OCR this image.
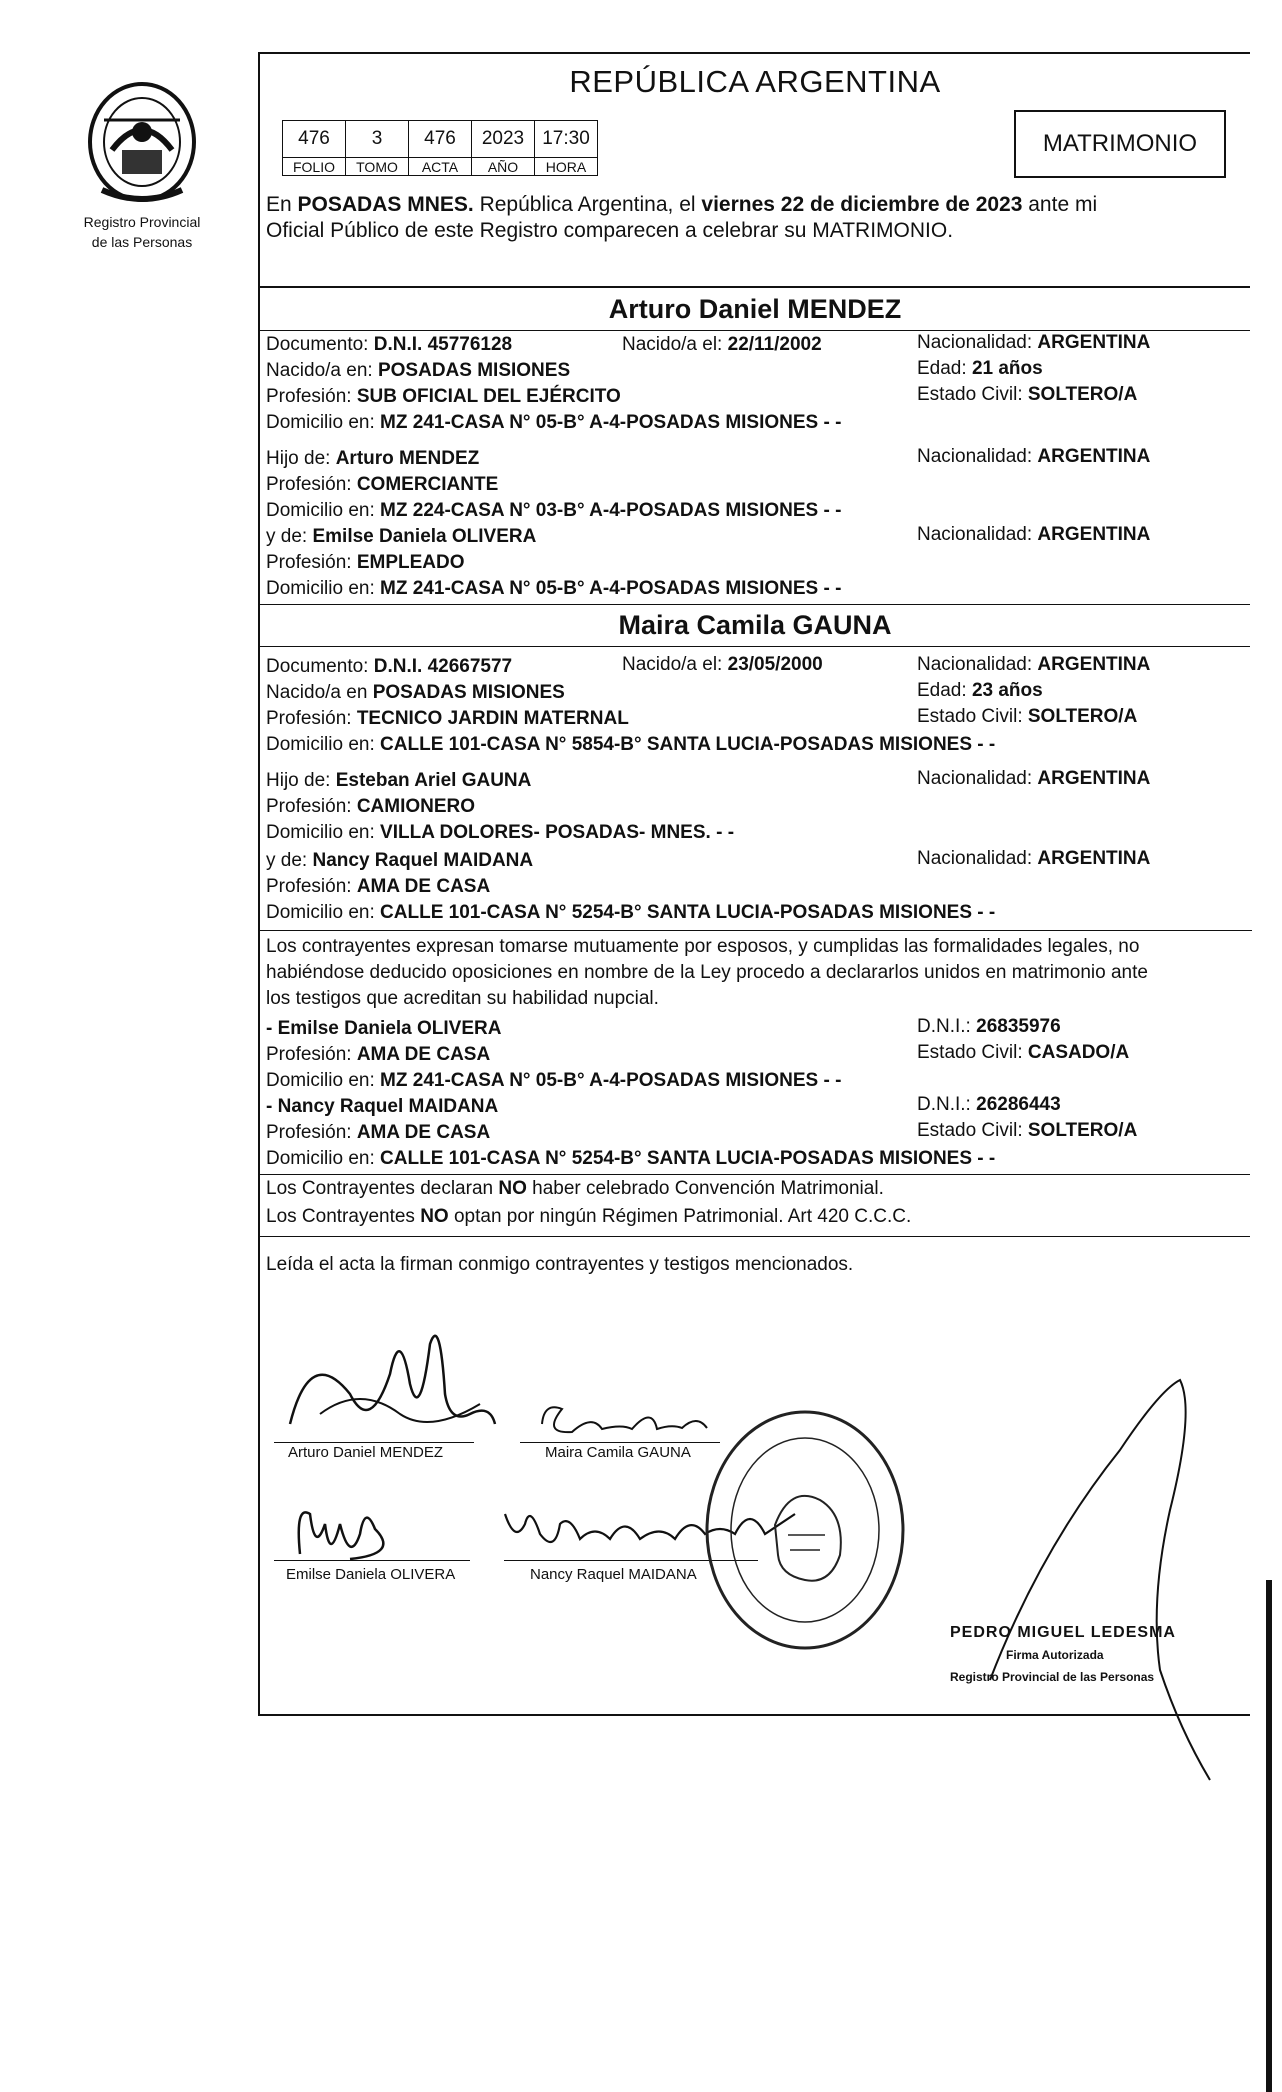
Registro Provincial
de las Personas
REPÚBLICA ARGENTINA
476	3	476	2023	17:30
FOLIO	TOMO	ACTA	AÑO	HORA
MATRIMONIO
En POSADAS MNES. República Argentina, el viernes 22 de diciembre de 2023 ante mi
Oficial Público de este Registro comparecen a celebrar su MATRIMONIO.
Arturo Daniel MENDEZ
Documento: D.N.I. 45776128	Nacido/a el: 22/11/2002	Nacionalidad: ARGENTINA
Nacido/a en: POSADAS MISIONES	Edad: 21 años
Profesión: SUB OFICIAL DEL EJÉRCITO	Estado Civil: SOLTERO/A
Domicilio en: MZ 241-CASA N° 05-B° A-4-POSADAS MISIONES - -
Hijo de: Arturo MENDEZ	Nacionalidad: ARGENTINA
Profesión: COMERCIANTE
Domicilio en: MZ 224-CASA N° 03-B° A-4-POSADAS MISIONES - -
y de: Emilse Daniela OLIVERA	Nacionalidad: ARGENTINA
Profesión: EMPLEADO
Domicilio en: MZ 241-CASA N° 05-B° A-4-POSADAS MISIONES - -
Maira Camila GAUNA
Documento: D.N.I. 42667577	Nacido/a el: 23/05/2000	Nacionalidad: ARGENTINA
Nacido/a en POSADAS MISIONES	Edad: 23 años
Profesión: TECNICO JARDIN MATERNAL	Estado Civil: SOLTERO/A
Domicilio en: CALLE 101-CASA N° 5854-B° SANTA LUCIA-POSADAS MISIONES - -
Hijo de: Esteban Ariel GAUNA	Nacionalidad: ARGENTINA
Profesión: CAMIONERO
Domicilio en: VILLA DOLORES- POSADAS- MNES. - -
y de: Nancy Raquel MAIDANA	Nacionalidad: ARGENTINA
Profesión: AMA DE CASA
Domicilio en: CALLE 101-CASA N° 5254-B° SANTA LUCIA-POSADAS MISIONES - -
Los contrayentes expresan tomarse mutuamente por esposos, y cumplidas las formalidades legales, no
habiéndose deducido oposiciones en nombre de la Ley procedo a declararlos unidos en matrimonio ante
los testigos que acreditan su habilidad nupcial.
- Emilse Daniela OLIVERA	D.N.I.: 26835976
Profesión: AMA DE CASA	Estado Civil: CASADO/A
Domicilio en: MZ 241-CASA N° 05-B° A-4-POSADAS MISIONES - -
- Nancy Raquel MAIDANA	D.N.I.: 26286443
Profesión: AMA DE CASA	Estado Civil: SOLTERO/A
Domicilio en: CALLE 101-CASA N° 5254-B° SANTA LUCIA-POSADAS MISIONES - -
Los Contrayentes declaran NO haber celebrado Convención Matrimonial.
Los Contrayentes NO optan por ningún Régimen Patrimonial. Art 420 C.C.C.
Leída el acta la firman conmigo contrayentes y testigos mencionados.
Arturo Daniel MENDEZ	Maira Camila GAUNA
Emilse Daniela OLIVERA	Nancy Raquel MAIDANA
PEDRO MIGUEL LEDESMA
Firma Autorizada
Registro Provincial de las Personas
